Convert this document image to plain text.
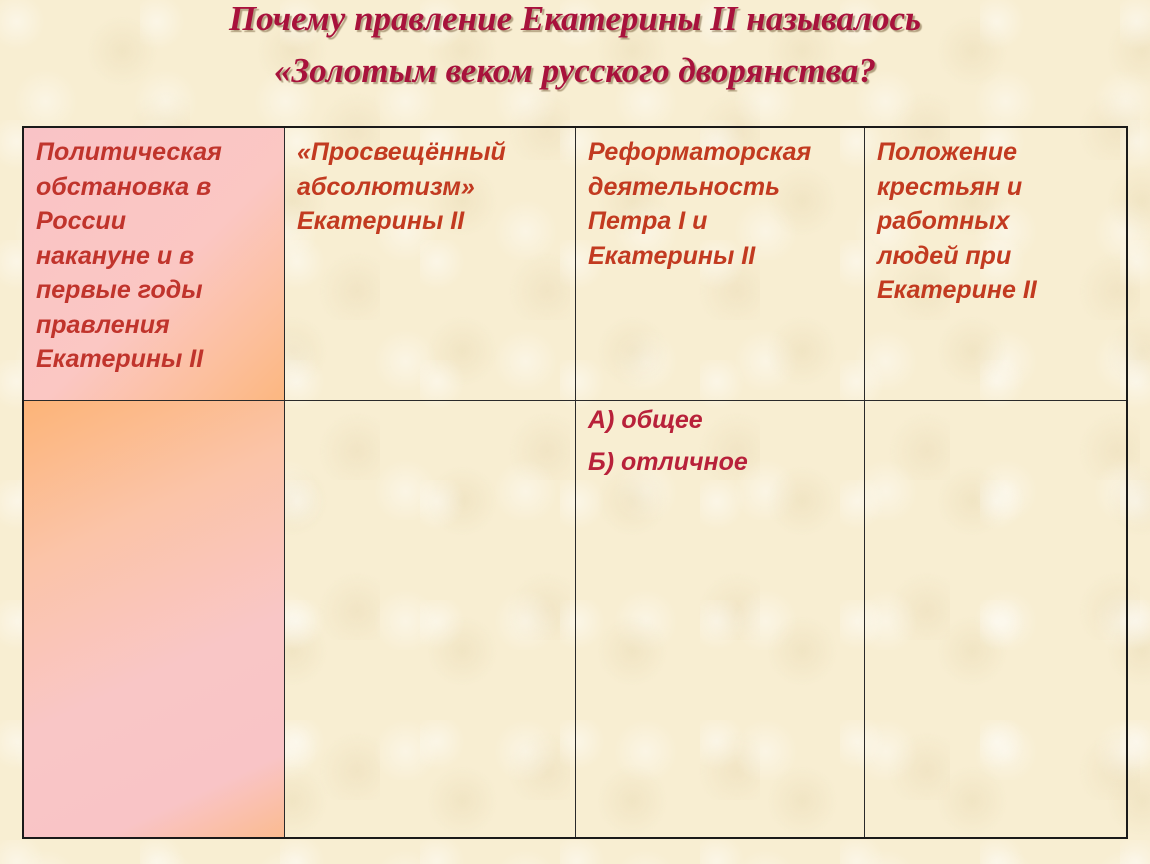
Почему правление Екатерины II называлось
«Золотым веком русского дворянства?

Политическая
обстановка в
России
накануне и в
первые годы
правления
Екатерины II

«Просвещённый
абсолютизм»
Екатерины II

Реформаторская
деятельность
Петра I и
Екатерины II

А) общее

Б) отличное

Положение
крестьян и
работных
людей при
Екатерине II
